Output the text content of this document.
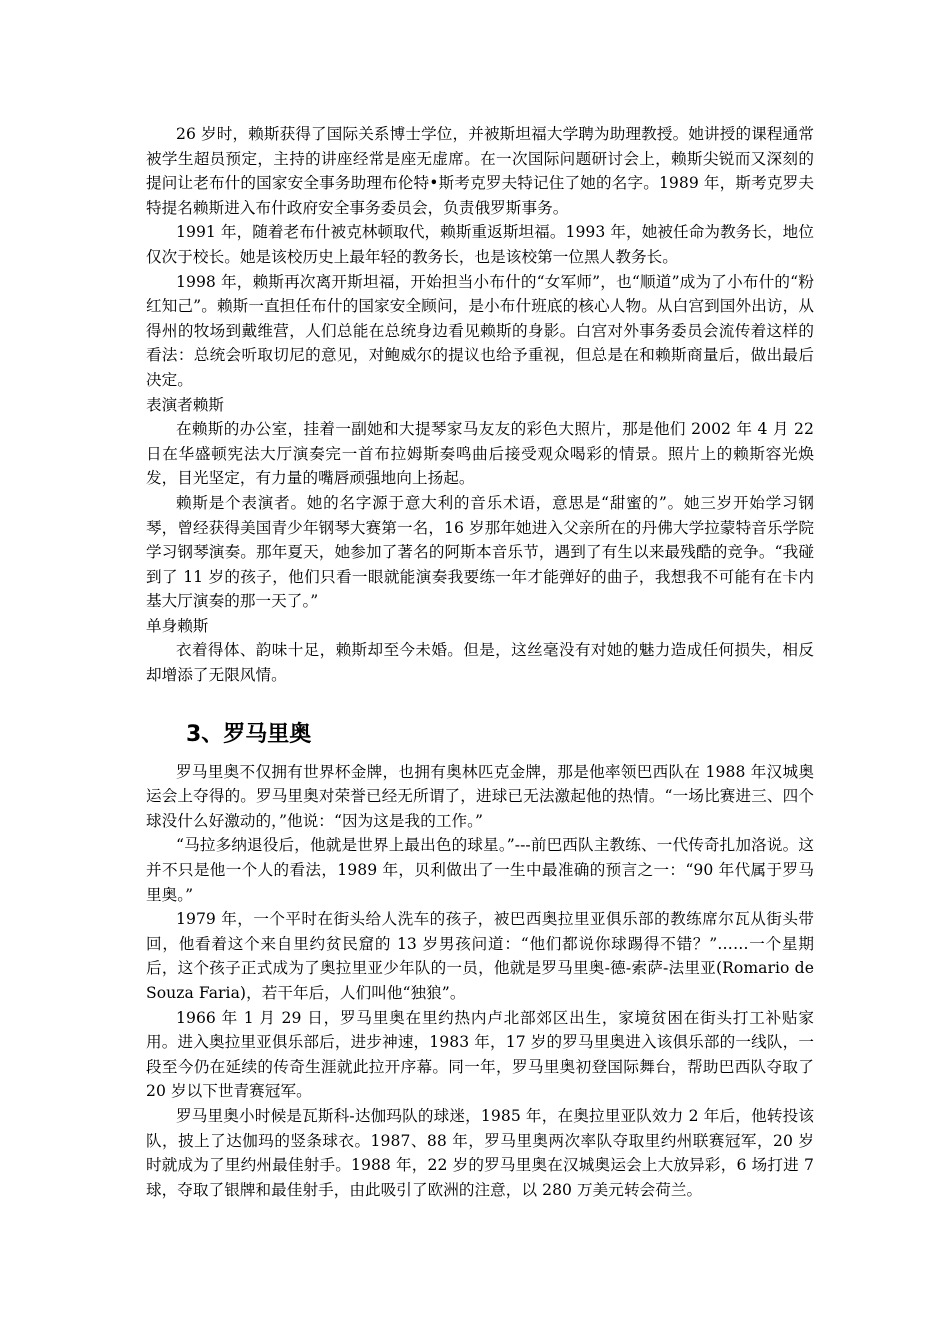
26 岁时，赖斯获得了国际关系博士学位，并被斯坦福大学聘为助理教授。她讲授的课程通常被学生超员预定，主持的讲座经常是座无虚席。在一次国际问题研讨会上，赖斯尖锐而又深刻的提问让老布什的国家安全事务助理布伦特•斯考克罗夫特记住了她的名字。1989 年，斯考克罗夫特提名赖斯进入布什政府安全事务委员会，负责俄罗斯事务。

1991 年，随着老布什被克林顿取代，赖斯重返斯坦福。1993 年，她被任命为教务长，地位仅次于校长。她是该校历史上最年轻的教务长，也是该校第一位黑人教务长。

1998 年，赖斯再次离开斯坦福，开始担当小布什的“女军师”，也“顺道”成为了小布什的“粉红知己”。赖斯一直担任布什的国家安全顾问，是小布什班底的核心人物。从白宫到国外出访，从得州的牧场到戴维营，人们总能在总统身边看见赖斯的身影。白宫对外事务委员会流传着这样的看法：总统会听取切尼的意见，对鲍威尔的提议也给予重视，但总是在和赖斯商量后，做出最后决定。

表演者赖斯

在赖斯的办公室，挂着一副她和大提琴家马友友的彩色大照片，那是他们 2002 年 4 月 22 日在华盛顿宪法大厅演奏完一首布拉姆斯奏鸣曲后接受观众喝彩的情景。照片上的赖斯容光焕发，目光坚定，有力量的嘴唇顽强地向上扬起。

赖斯是个表演者。她的名字源于意大利的音乐术语，意思是“甜蜜的”。她三岁开始学习钢琴，曾经获得美国青少年钢琴大赛第一名，16 岁那年她进入父亲所在的丹佛大学拉蒙特音乐学院学习钢琴演奏。那年夏天，她参加了著名的阿斯本音乐节，遇到了有生以来最残酷的竞争。“我碰到了 11 岁的孩子，他们只看一眼就能演奏我要练一年才能弹好的曲子，我想我不可能有在卡内基大厅演奏的那一天了。”

单身赖斯

衣着得体、韵味十足，赖斯却至今未婚。但是，这丝毫没有对她的魅力造成任何损失，相反却增添了无限风情。

3、罗马里奥

罗马里奥不仅拥有世界杯金牌，也拥有奥林匹克金牌，那是他率领巴西队在 1988 年汉城奥运会上夺得的。罗马里奥对荣誉已经无所谓了，进球已无法激起他的热情。“一场比赛进三、四个球没什么好激动的，”他说：“因为这是我的工作。”

“马拉多纳退役后，他就是世界上最出色的球星。”---前巴西队主教练、一代传奇扎加洛说。这并不只是他一个人的看法，1989 年，贝利做出了一生中最准确的预言之一：“90 年代属于罗马里奥。”

1979 年，一个平时在街头给人洗车的孩子，被巴西奥拉里亚俱乐部的教练席尔瓦从街头带回，他看着这个来自里约贫民窟的 13 岁男孩问道：“他们都说你球踢得不错？”……一个星期后，这个孩子正式成为了奥拉里亚少年队的一员，他就是罗马里奥-德-索萨-法里亚(Romario de Souza Faria)，若干年后，人们叫他“独狼”。

1966 年 1 月 29 日，罗马里奥在里约热内卢北部郊区出生，家境贫困在街头打工补贴家用。进入奥拉里亚俱乐部后，进步神速，1983 年，17 岁的罗马里奥进入该俱乐部的一线队，一段至今仍在延续的传奇生涯就此拉开序幕。同一年，罗马里奥初登国际舞台，帮助巴西队夺取了 20 岁以下世青赛冠军。

罗马里奥小时候是瓦斯科-达伽玛队的球迷，1985 年，在奥拉里亚队效力 2 年后，他转投该队，披上了达伽玛的竖条球衣。1987、88 年，罗马里奥两次率队夺取里约州联赛冠军，20 岁时就成为了里约州最佳射手。1988 年，22 岁的罗马里奥在汉城奥运会上大放异彩，6 场打进 7 球，夺取了银牌和最佳射手，由此吸引了欧洲的注意，以 280 万美元转会荷兰。
